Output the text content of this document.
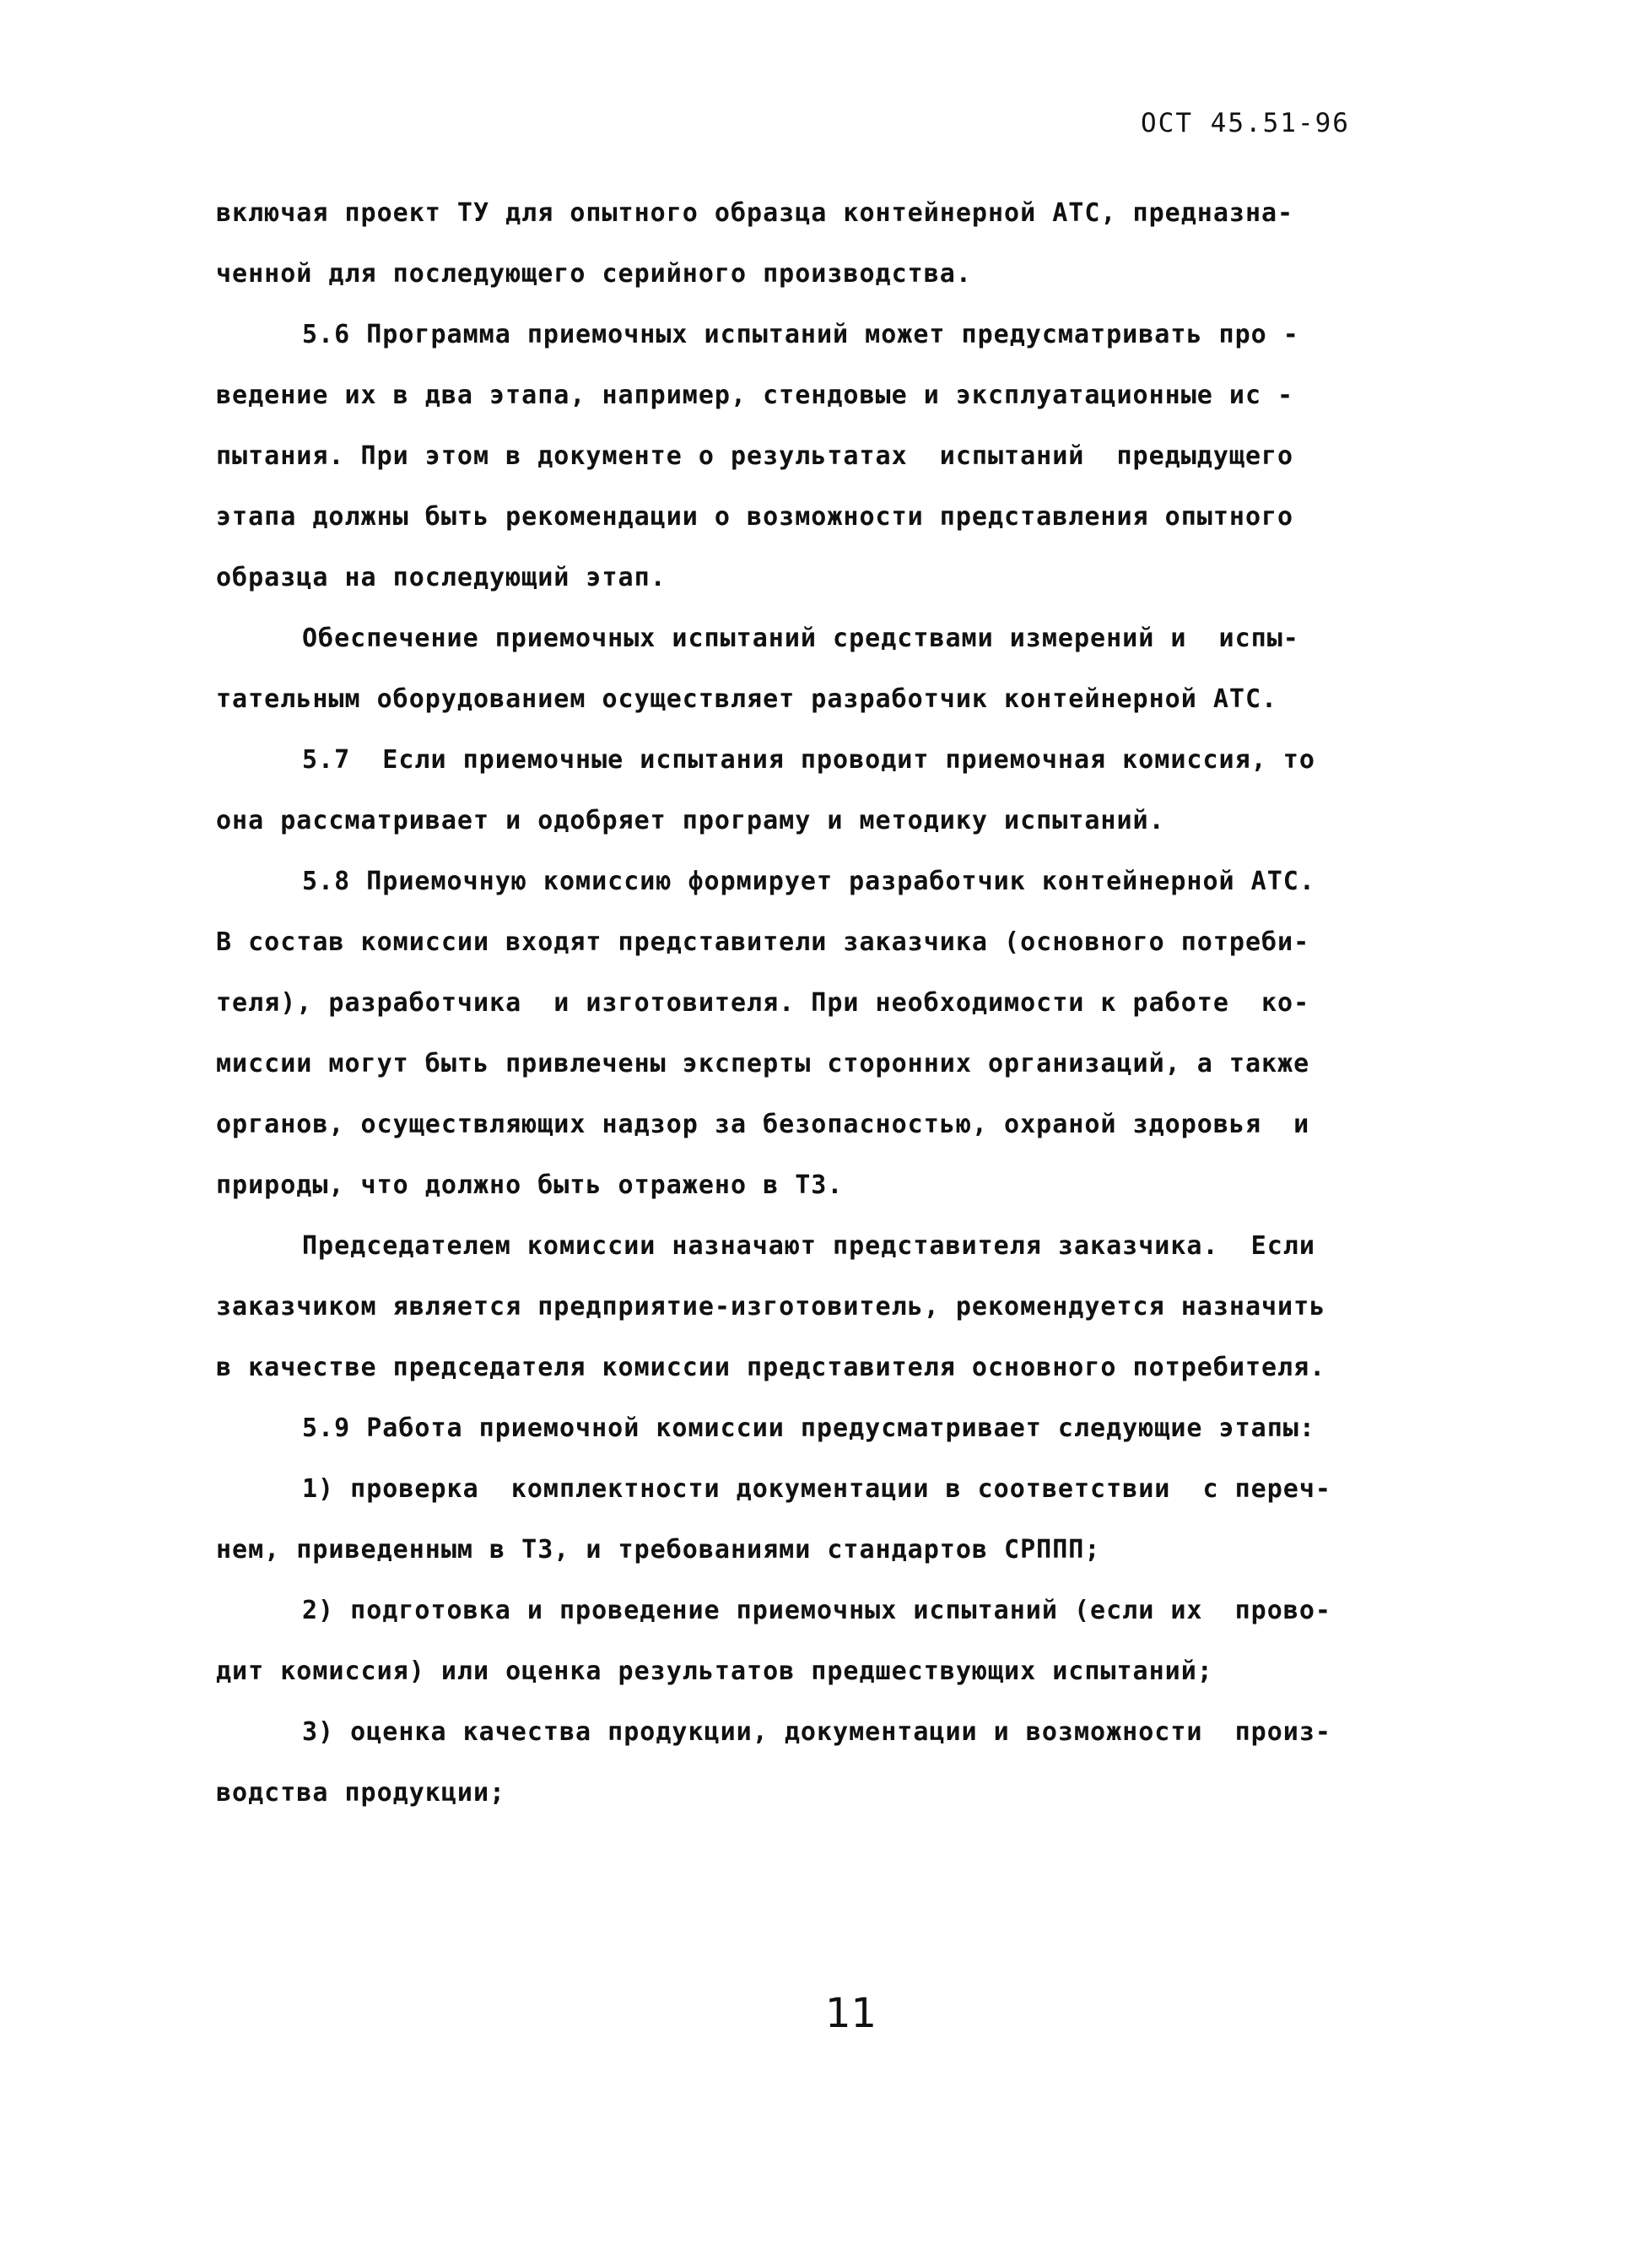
ОСТ 45.51-96
включая проект ТУ для опытного образца контейнерной АТС, предназна-
ченной для последующего серийного производства.
5.6 Программа приемочных испытаний может предусматривать про -
ведение их в два этапа, например, стендовые и эксплуатационные ис -
пытания. При этом в документе о результатах  испытаний  предыдущего
этапа должны быть рекомендации о возможности представления опытного
образца на последующий этап.
Обеспечение приемочных испытаний средствами измерений и  испы-
тательным оборудованием осуществляет разработчик контейнерной АТС.
5.7  Если приемочные испытания проводит приемочная комиссия, то
она рассматривает и одобряет програму и методику испытаний.
5.8 Приемочную комиссию формирует разработчик контейнерной АТС.
В состав комиссии входят представители заказчика (основного потреби-
теля), разработчика  и изготовителя. При необходимости к работе  ко-
миссии могут быть привлечены эксперты сторонних организаций, а также
органов, осуществляющих надзор за безопасностью, охраной здоровья  и
природы, что должно быть отражено в ТЗ.
Председателем комиссии назначают представителя заказчика.  Если
заказчиком является предприятие-изготовитель, рекомендуется назначить
в качестве председателя комиссии представителя основного потребителя.
5.9 Работа приемочной комиссии предусматривает следующие этапы:
1) проверка  комплектности документации в соответствии  с переч-
нем, приведенным в ТЗ, и требованиями стандартов СРППП;
2) подготовка и проведение приемочных испытаний (если их  прово-
дит комиссия) или оценка результатов предшествующих испытаний;
3) оценка качества продукции, документации и возможности  произ-
водства продукции;
11
